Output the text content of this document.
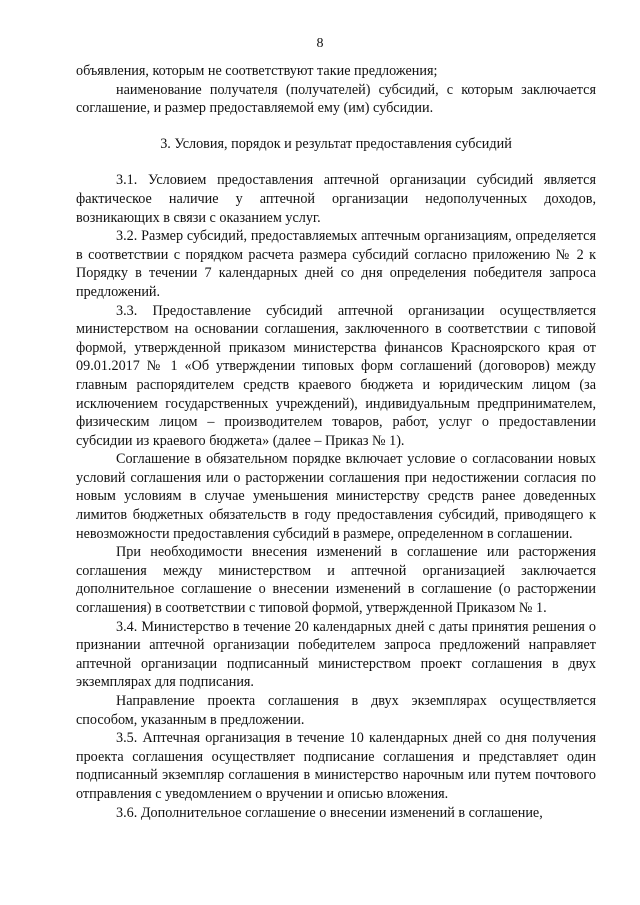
8

объявления, которым не соответствуют такие предложения;

наименование получателя (получателей) субсидий, с которым заключается соглашение, и размер предоставляемой ему (им) субсидии.

3. Условия, порядок и результат предоставления субсидий

3.1. Условием предоставления аптечной организации субсидий является фактическое наличие у аптечной организации недополученных доходов, возникающих в связи с оказанием услуг.

3.2. Размер субсидий, предоставляемых аптечным организациям, определяется в соответствии с порядком расчета размера субсидий согласно приложению № 2 к Порядку в течении 7 календарных дней со дня определения победителя запроса предложений.

3.3. Предоставление субсидий аптечной организации осуществляется министерством на основании соглашения, заключенного в соответствии с типовой формой, утвержденной приказом министерства финансов Красноярского края от 09.01.2017 № 1 «Об утверждении типовых форм соглашений (договоров) между главным распорядителем средств краевого бюджета и юридическим лицом (за исключением государственных учреждений), индивидуальным предпринимателем, физическим лицом – производителем товаров, работ, услуг о предоставлении субсидии из краевого бюджета» (далее – Приказ № 1).

Соглашение в обязательном порядке включает условие о согласовании новых условий соглашения или о расторжении соглашения при недостижении согласия по новым условиям в случае уменьшения министерству средств ранее доведенных лимитов бюджетных обязательств в году предоставления субсидий, приводящего к невозможности предоставления субсидий в размере, определенном в соглашении.

При необходимости внесения изменений в соглашение или расторжения соглашения между министерством и аптечной организацией заключается дополнительное соглашение о внесении изменений в соглашение (о расторжении соглашения) в соответствии с типовой формой, утвержденной Приказом № 1.

3.4. Министерство в течение 20 календарных дней с даты принятия решения о признании аптечной организации победителем запроса предложений направляет аптечной организации подписанный министерством проект соглашения в двух экземплярах для подписания.

Направление проекта соглашения в двух экземплярах осуществляется способом, указанным в предложении.

3.5. Аптечная организация в течение 10 календарных дней со дня получения проекта соглашения осуществляет подписание соглашения и представляет один подписанный экземпляр соглашения в министерство нарочным или путем почтового отправления с уведомлением о вручении и описью вложения.

3.6. Дополнительное соглашение о внесении изменений в соглашение,
